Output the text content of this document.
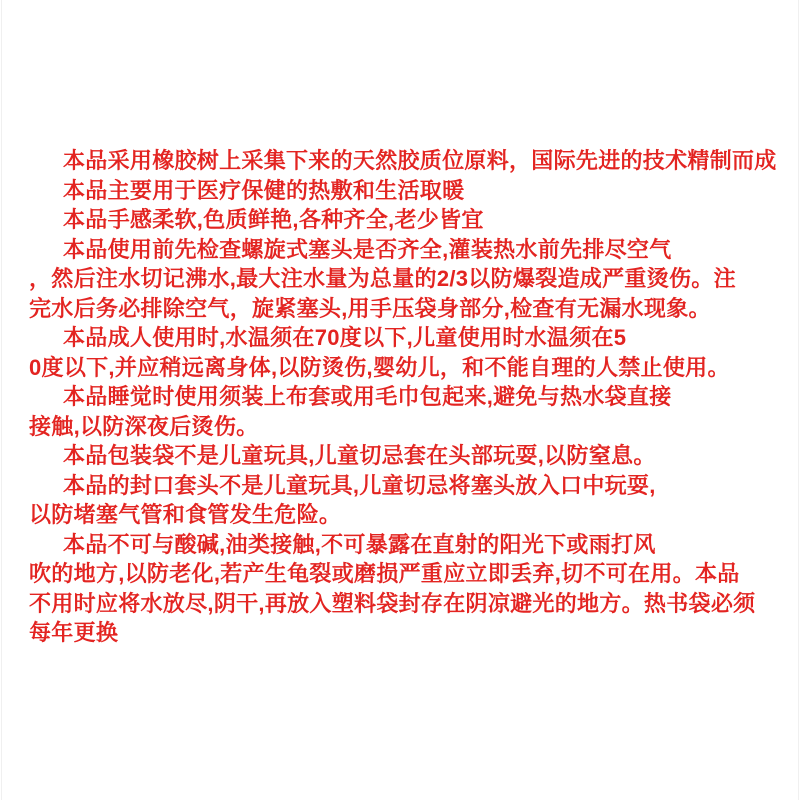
本品采用橡胶树上采集下来的天然胶质位原料，国际先进的技术精制而成
本品主要用于医疗保健的热敷和生活取暖
本品手感柔软,色质鲜艳,各种齐全,老少皆宜
本品使用前先检查螺旋式塞头是否齐全,灌装热水前先排尽空气
，然后注水切记沸水,最大注水量为总量的2/3以防爆裂造成严重烫伤。注
完水后务必排除空气，旋紧塞头,用手压袋身部分,检查有无漏水现象。
本品成人使用时,水温须在70度以下,儿童使用时水温须在5
0度以下,并应稍远离身体,以防烫伤,婴幼儿，和不能自理的人禁止使用。
本品睡觉时使用须装上布套或用毛巾包起来,避免与热水袋直接
接触,以防深夜后烫伤。
本品包装袋不是儿童玩具,儿童切忌套在头部玩耍,以防窒息。
本品的封口套头不是儿童玩具,儿童切忌将塞头放入口中玩耍,
以防堵塞气管和食管发生危险。
本品不可与酸碱,油类接触,不可暴露在直射的阳光下或雨打风
吹的地方,以防老化,若产生龟裂或磨损严重应立即丢弃,切不可在用。本品
不用时应将水放尽,阴干,再放入塑料袋封存在阴凉避光的地方。热书袋必须
每年更换
